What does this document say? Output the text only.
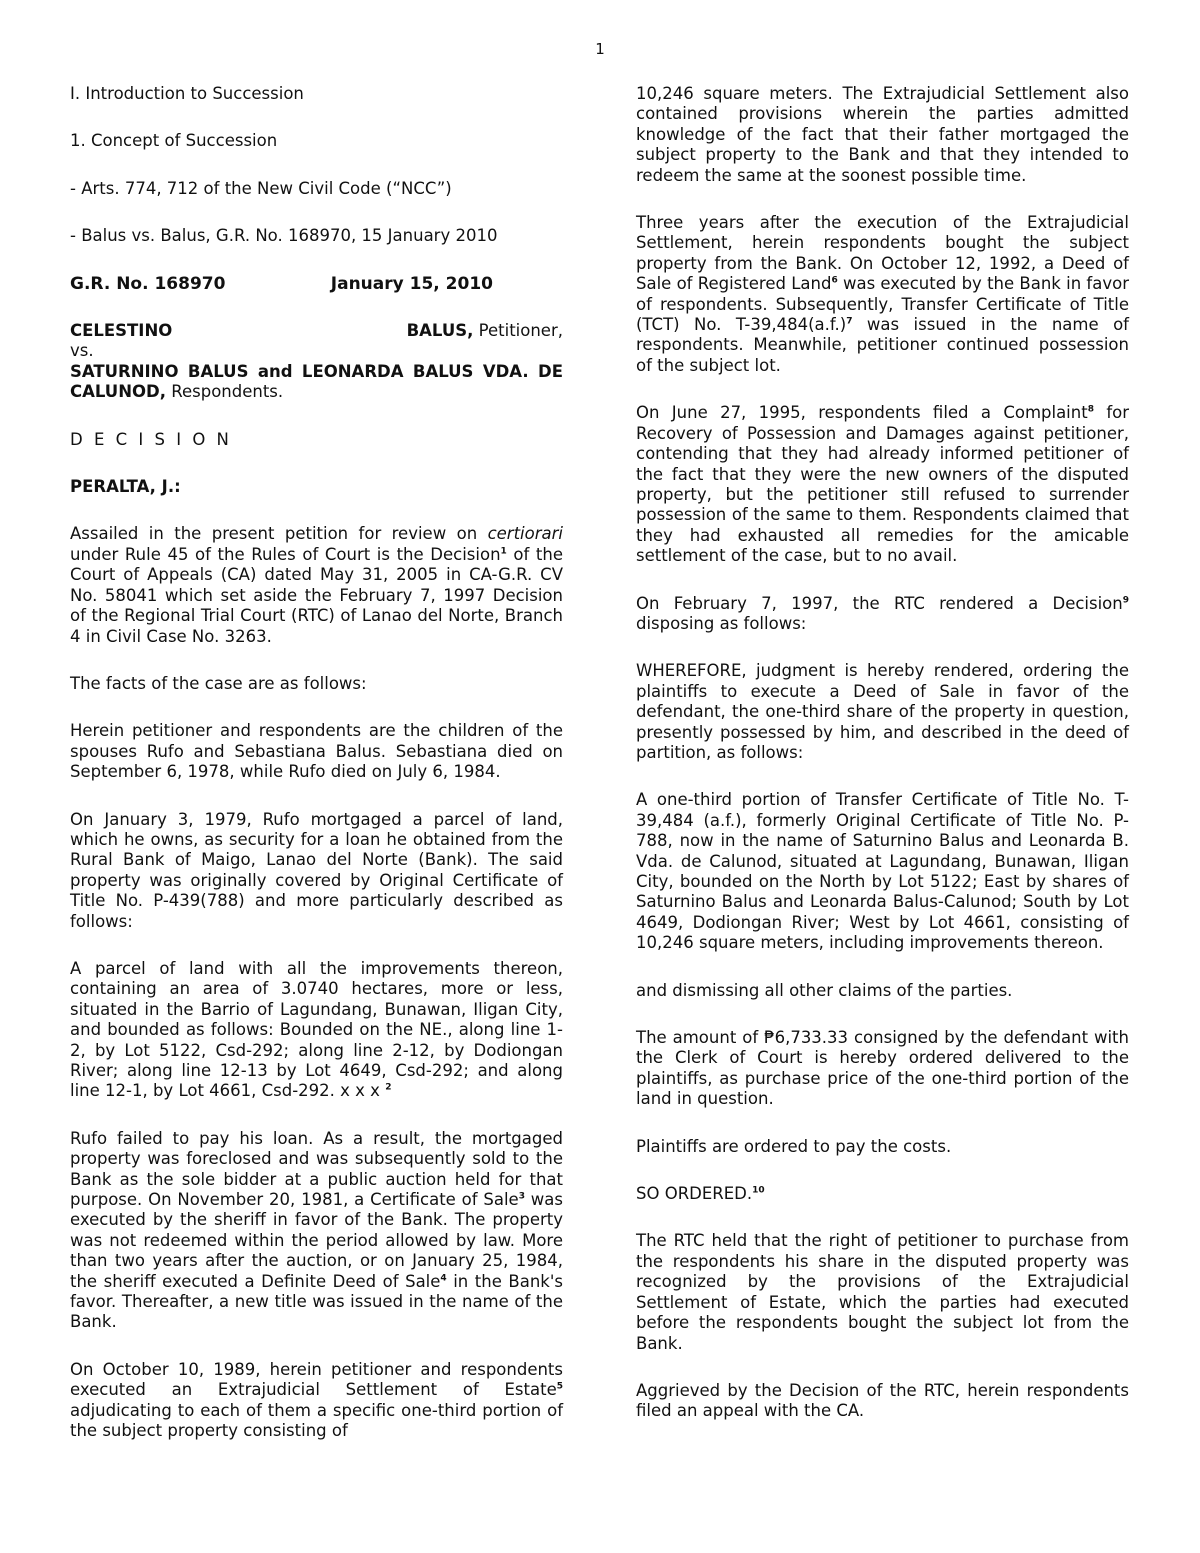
1

I. Introduction to Succession

1. Concept of Succession

- Arts. 774, 712 of the New Civil Code (“NCC”)

- Balus vs. Balus, G.R. No. 168970, 15 January 2010

G.R. No. 168970	January 15, 2010
CELESTINO	BALUS, Petitioner,
vs.

SATURNINO BALUS and LEONARDA BALUS VDA. DE CALUNOD, Respondents.

D E C I S I O N

PERALTA, J.:

Assailed in the present petition for review on certiorari under Rule 45 of the Rules of Court is the Decision$^1$ of the Court of Appeals (CA) dated May 31, 2005 in CA-G.R. CV No. 58041 which set aside the February 7, 1997 Decision of the Regional Trial Court (RTC) of Lanao del Norte, Branch 4 in Civil Case No. 3263.

The facts of the case are as follows:

Herein petitioner and respondents are the children of the spouses Rufo and Sebastiana Balus. Sebastiana died on September 6, 1978, while Rufo died on July 6, 1984.

On January 3, 1979, Rufo mortgaged a parcel of land, which he owns, as security for a loan he obtained from the Rural Bank of Maigo, Lanao del Norte (Bank). The said property was originally covered by Original Certificate of Title No. P-439(788) and more particularly described as follows:

A parcel of land with all the improvements thereon, containing an area of 3.0740 hectares, more or less, situated in the Barrio of Lagundang, Bunawan, Iligan City, and bounded as follows: Bounded on the NE., along line 1-2, by Lot 5122, Csd-292; along line 2-12, by Dodiongan River; along line 12-13 by Lot 4649, Csd-292; and along line 12-1, by Lot 4661, Csd-292. x x x $^2$

Rufo failed to pay his loan. As a result, the mortgaged property was foreclosed and was subsequently sold to the Bank as the sole bidder at a public auction held for that purpose. On November 20, 1981, a Certificate of Sale$^3$ was executed by the sheriff in favor of the Bank. The property was not redeemed within the period allowed by law. More than two years after the auction, or on January 25, 1984, the sheriff executed a Definite Deed of Sale$^4$ in the Bank's favor. Thereafter, a new title was issued in the name of the Bank.

On October 10, 1989, herein petitioner and respondents executed an Extrajudicial Settlement of Estate$^5$ adjudicating to each of them a specific one-third portion of the subject property consisting of

10,246 square meters. The Extrajudicial Settlement also contained provisions wherein the parties admitted knowledge of the fact that their father mortgaged the subject property to the Bank and that they intended to redeem the same at the soonest possible time.

Three years after the execution of the Extrajudicial Settlement, herein respondents bought the subject property from the Bank. On October 12, 1992, a Deed of Sale of Registered Land$^6$ was executed by the Bank in favor of respondents. Subsequently, Transfer Certificate of Title (TCT) No. $T-39,484(a.f.)^7$ was issued in the name of respondents. Meanwhile, petitioner continued possession of the subject lot.

On June 27, 1995, respondents filed a Complaint$^8$ for Recovery of Possession and Damages against petitioner, contending that they had already informed petitioner of the fact that they were the new owners of the disputed property, but the petitioner still refused to surrender possession of the same to them. Respondents claimed that they had exhausted all remedies for the amicable settlement of the case, but to no avail.

On February 7, 1997, the RTC rendered a Decision$^9$ disposing as follows:

WHEREFORE, judgment is hereby rendered, ordering the plaintiffs to execute a Deed of Sale in favor of the defendant, the one-third share of the property in question, presently possessed by him, and described in the deed of partition, as follows:

A one-third portion of Transfer Certificate of Title No. T-39,484 (a.f.), formerly Original Certificate of Title No. P-788, now in the name of Saturnino Balus and Leonarda B. Vda. de Calunod, situated at Lagundang, Bunawan, Iligan City, bounded on the North by Lot 5122; East by shares of Saturnino Balus and Leonarda Balus-Calunod; South by Lot 4649, Dodiongan River; West by Lot 4661, consisting of 10,246 square meters, including improvements thereon.

and dismissing all other claims of the parties.

The amount of ₱6,733.33 consigned by the defendant with the Clerk of Court is hereby ordered delivered to the plaintiffs, as purchase price of the one-third portion of the land in question.

Plaintiffs are ordered to pay the costs.

SO ORDERED.$^{10}$

The RTC held that the right of petitioner to purchase from the respondents his share in the disputed property was recognized by the provisions of the Extrajudicial Settlement of Estate, which the parties had executed before the respondents bought the subject lot from the Bank.

Aggrieved by the Decision of the RTC, herein respondents filed an appeal with the CA.
